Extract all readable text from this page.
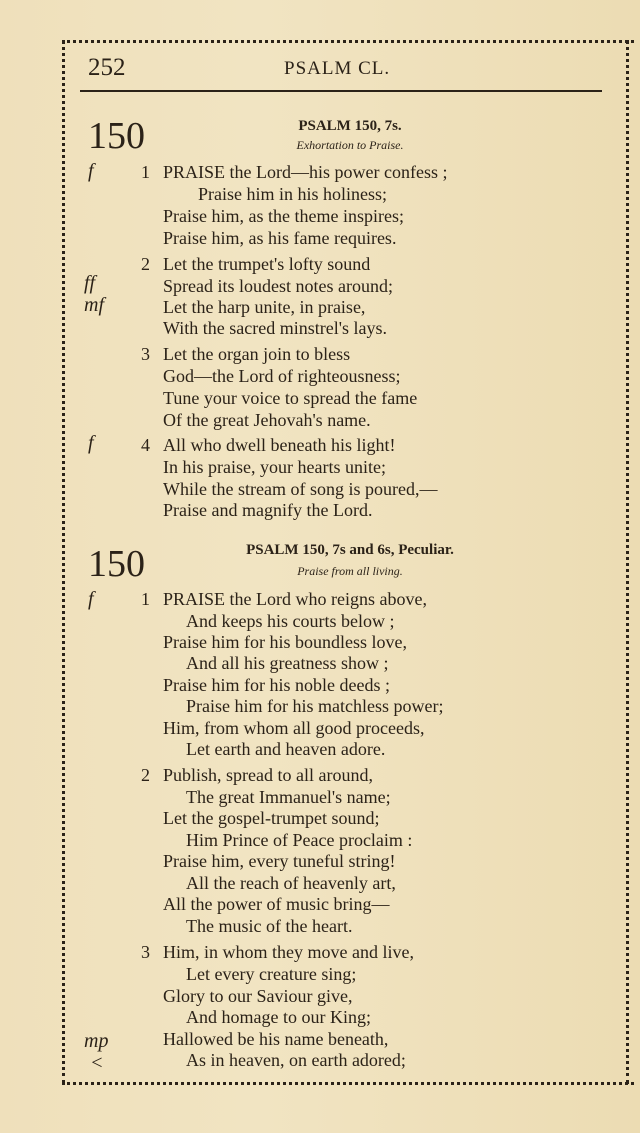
252	PSALM CL.
150	PSALM 150, 7s.
Exhortation to Praise.
f
ff
mf
f
1 PRAISE the Lord—his power confess ;
Praise him in his holiness;
Praise him, as the theme inspires;
Praise him, as his fame requires.
2 Let the trumpet's lofty sound
Spread its loudest notes around;
Let the harp unite, in praise,
With the sacred minstrel's lays.
3 Let the organ join to bless
God—the Lord of righteousness;
Tune your voice to spread the fame
Of the great Jehovah's name.
4 All who dwell beneath his light!
In his praise, your hearts unite;
While the stream of song is poured,—
Praise and magnify the Lord.
150	PSALM 150, 7s and 6s, Peculiar.
Praise from all living.
f
mp
<
1 PRAISE the Lord who reigns above,
And keeps his courts below ;
Praise him for his boundless love,
And all his greatness show ;
Praise him for his noble deeds ;
Praise him for his matchless power;
Him, from whom all good proceeds,
Let earth and heaven adore.
2 Publish, spread to all around,
The great Immanuel's name;
Let the gospel-trumpet sound;
Him Prince of Peace proclaim :
Praise him, every tuneful string!
All the reach of heavenly art,
All the power of music bring—
The music of the heart.
3 Him, in whom they move and live,
Let every creature sing;
Glory to our Saviour give,
And homage to our King;
Hallowed be his name beneath,
As in heaven, on earth adored;
